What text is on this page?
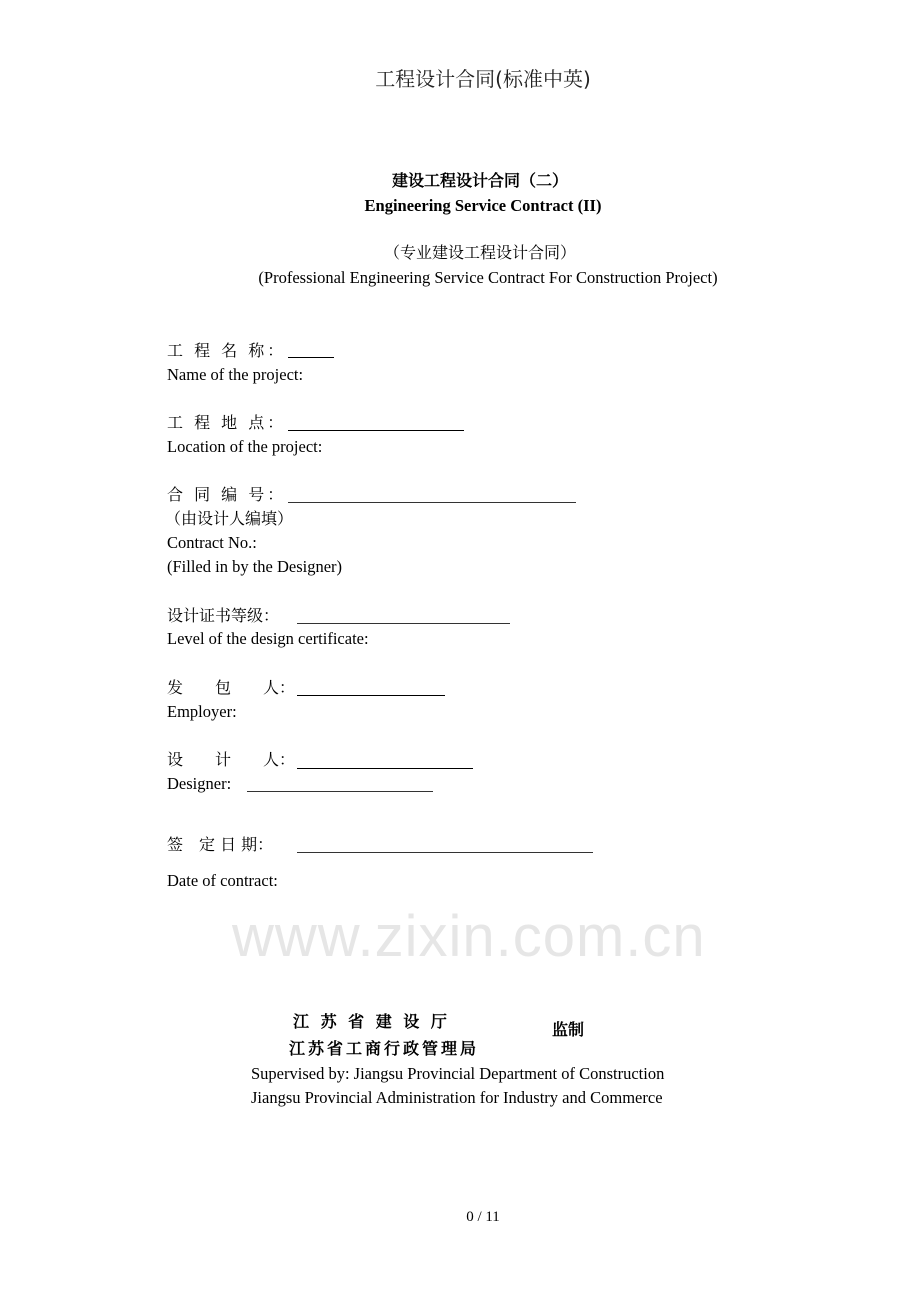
www.zixin.com.cn
工程设计合同(标准中英)
建设工程设计合同（二）
Engineering Service Contract (II)
（专业建设工程设计合同）
(Professional Engineering Service Contract For Construction Project)
工 程 名 称：
Name of the project:
工 程 地 点：
Location of the project:
合 同 编 号：
（由设计人编填）
Contract No.:
(Filled in by the Designer)
设计证书等级：
Level of the design certificate:
发　　包　　人：
Employer:
设　　计　　人：
Designer:
签　定 日 期：
Date of contract:
江 苏 省 建 设 厅
江苏省工商行政管理局
监制
Supervised by: Jiangsu Provincial Department of Construction
Jiangsu Provincial Administration for Industry and Commerce
0 / 11
